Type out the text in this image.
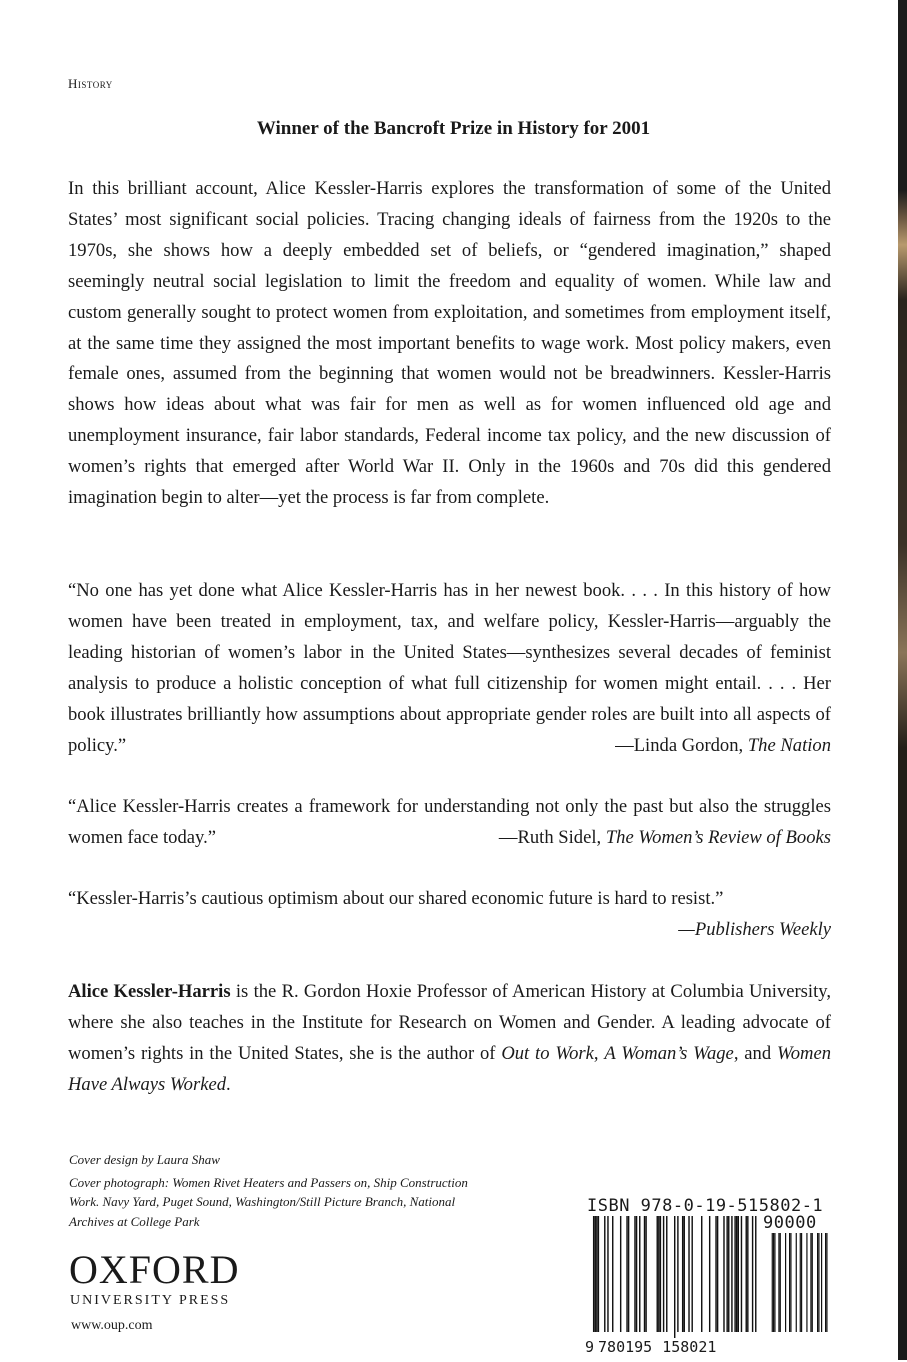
History
Winner of the Bancroft Prize in History for 2001
In this brilliant account, Alice Kessler-Harris explores the transformation of some of the United States’ most significant social policies. Tracing changing ideals of fairness from the 1920s to the 1970s, she shows how a deeply embedded set of beliefs, or “gendered imagination,” shaped seemingly neutral social legislation to limit the freedom and equality of women. While law and custom generally sought to protect women from exploitation, and sometimes from employment itself, at the same time they assigned the most important benefits to wage work. Most policy makers, even female ones, assumed from the beginning that women would not be breadwinners. Kessler-Harris shows how ideas about what was fair for men as well as for women influenced old age and unemployment insurance, fair labor standards, Federal income tax policy, and the new discussion of women’s rights that emerged after World War II. Only in the 1960s and 70s did this gendered imagination begin to alter—yet the process is far from complete.
“No one has yet done what Alice Kessler-Harris has in her newest book. . . . In this history of how women have been treated in employment, tax, and welfare policy, Kessler-Harris—arguably the leading historian of women’s labor in the United States—synthesizes several decades of feminist analysis to produce a holistic conception of what full citizenship for women might entail. . . . Her book illustrates brilliantly how assumptions about appropriate gender roles are built into all aspects of policy.”	—Linda Gordon, The Nation
“Alice Kessler-Harris creates a framework for understanding not only the past but also the struggles women face today.”	—Ruth Sidel, The Women’s Review of Books
“Kessler-Harris’s cautious optimism about our shared economic future is hard to resist.”
—Publishers Weekly
Alice Kessler-Harris is the R. Gordon Hoxie Professor of American History at Columbia University, where she also teaches in the Institute for Research on Women and Gender. A leading advocate of women’s rights in the United States, she is the author of Out to Work, A Woman’s Wage, and Women Have Always Worked.
Cover design by Laura Shaw
Cover photograph: Women Rivet Heaters and Passers on, Ship Construction Work. Navy Yard, Puget Sound, Washington/Still Picture Branch, National Archives at College Park
OXFORD
UNIVERSITY PRESS
www.oup.com
ISBN 978-0-19-515802-1
90000
9 780195 158021
